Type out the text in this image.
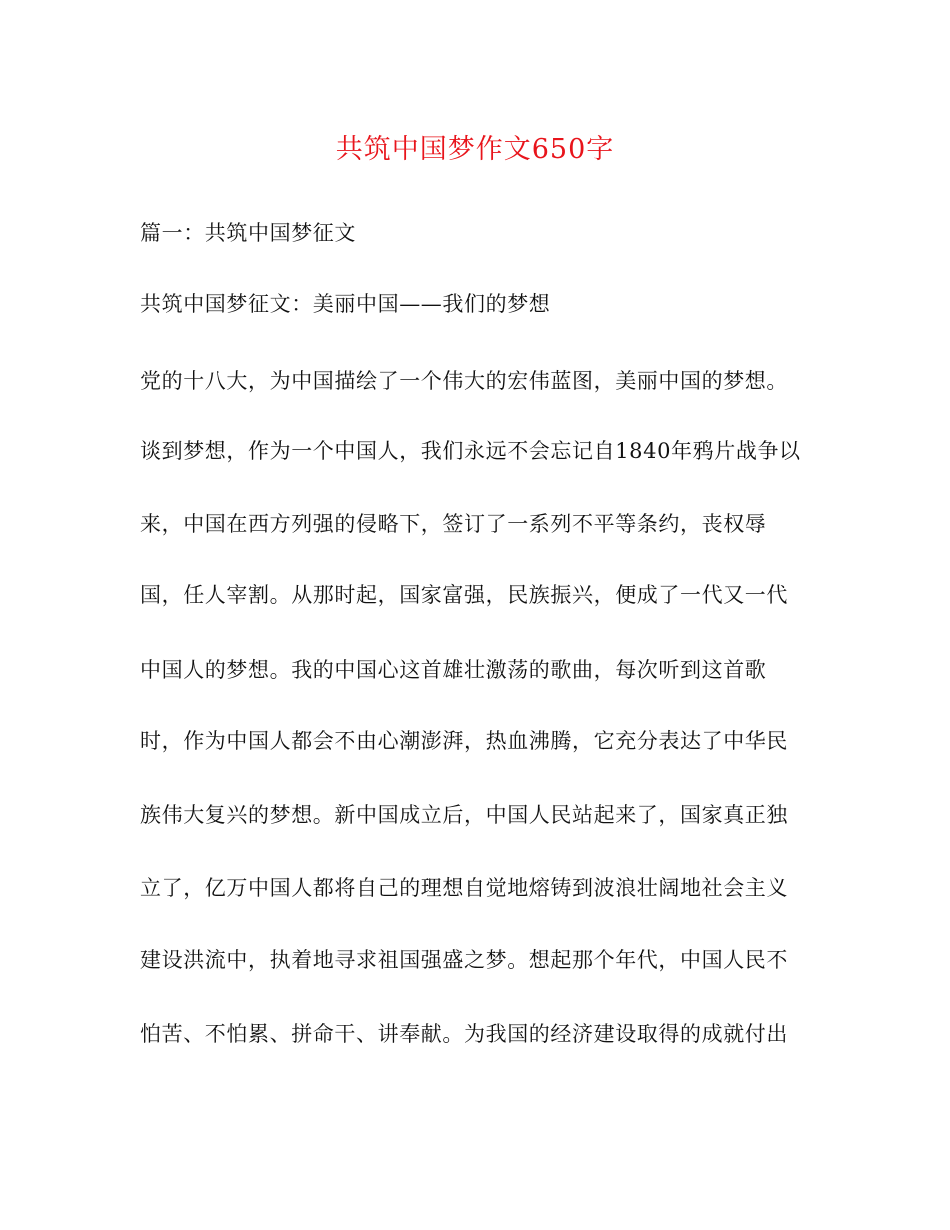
共筑中国梦作文650字
篇一：共筑中国梦征文
共筑中国梦征文：美丽中国——我们的梦想
党的十八大，为中国描绘了一个伟大的宏伟蓝图，美丽中国的梦想。
谈到梦想，作为一个中国人，我们永远不会忘记自1840年鸦片战争以
来，中国在西方列强的侵略下，签订了一系列不平等条约，丧权辱
国，任人宰割。从那时起，国家富强，民族振兴，便成了一代又一代
中国人的梦想。我的中国心这首雄壮激荡的歌曲，每次听到这首歌
时，作为中国人都会不由心潮澎湃，热血沸腾，它充分表达了中华民
族伟大复兴的梦想。新中国成立后，中国人民站起来了，国家真正独
立了，亿万中国人都将自己的理想自觉地熔铸到波浪壮阔地社会主义
建设洪流中，执着地寻求祖国强盛之梦。想起那个年代，中国人民不
怕苦、不怕累、拼命干、讲奉献。为我国的经济建设取得的成就付出
